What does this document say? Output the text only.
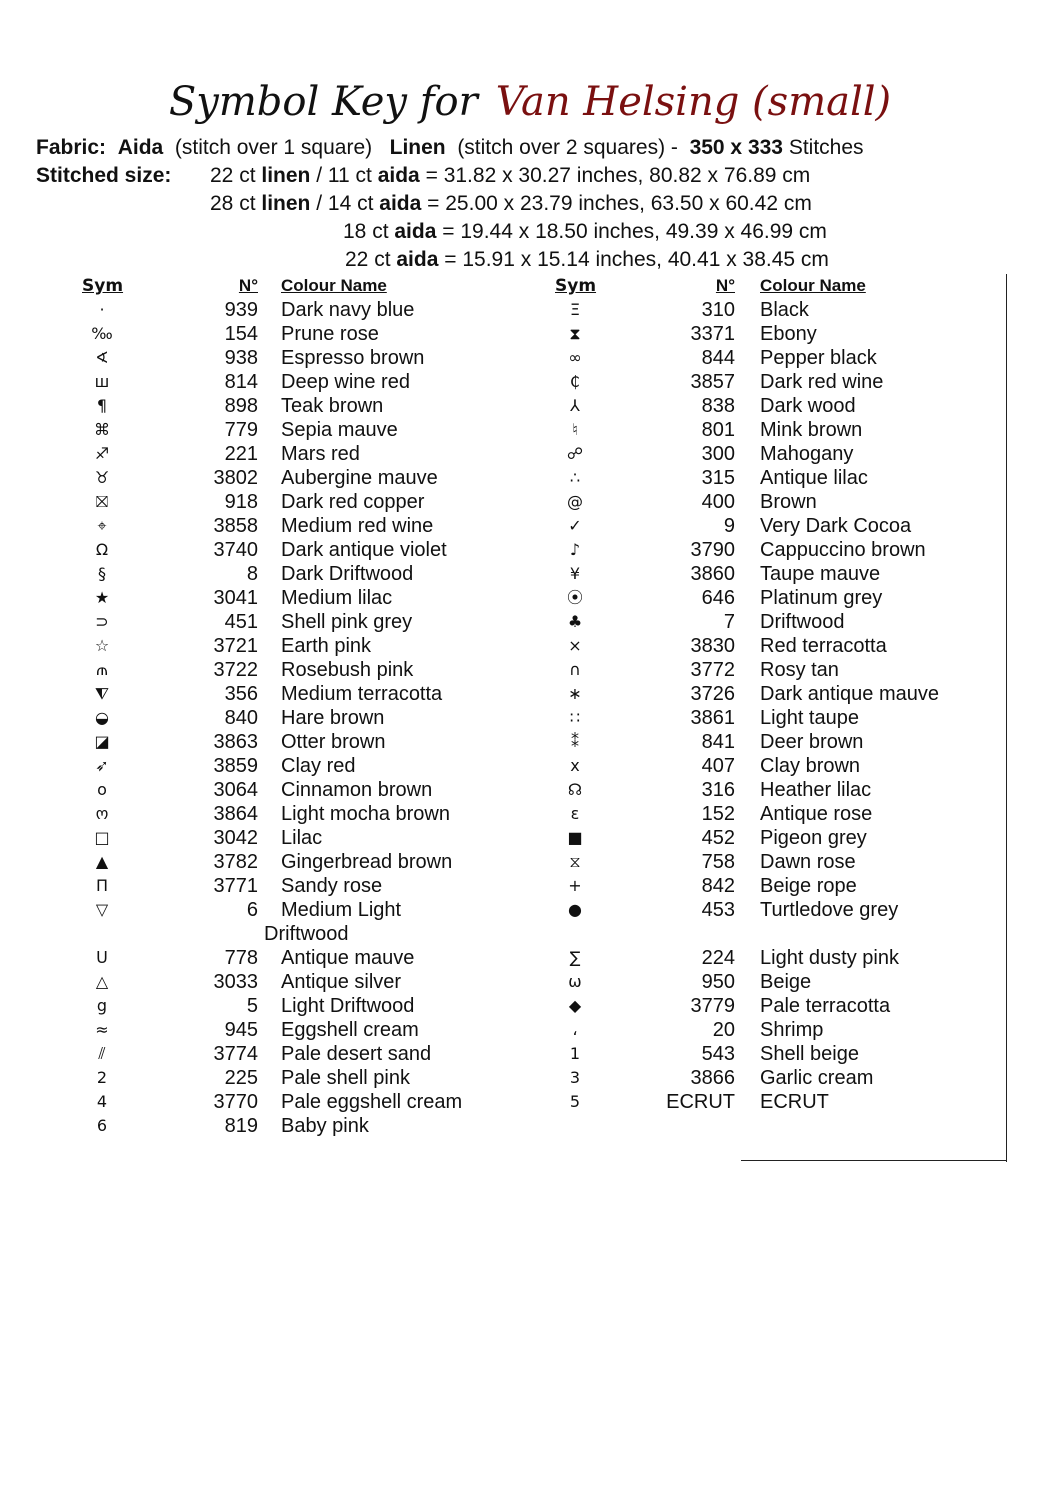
Symbol Key for Van Helsing (small)
Fabric: Aida (stitch over 1 square) Linen (stitch over 2 squares) - 350 x 333 Stitches
Stitched size: 22 ct linen / 11 ct aida = 31.82 x 30.27 inches, 80.82 x 76.89 cm
28 ct linen / 14 ct aida = 25.00 x 23.79 inches, 63.50 x 60.42 cm
18 ct aida = 19.44 x 18.50 inches, 49.39 x 46.99 cm
22 ct aida = 15.91 x 15.14 inches, 40.41 x 38.45 cm
Sym	N° Colour Name
·	939 Dark navy blue
‰	154 Prune rose
∢	938 Espresso brown
ш	814 Deep wine red
¶	898 Teak brown
⌘	779 Sepia mauve
♐	221 Mars red
♉	3802 Aubergine mauve
⛝	918 Dark red copper
⌖	3858 Medium red wine
Ω	3740 Dark antique violet
§	8 Dark Driftwood
★	3041 Medium lilac
⊃	451 Shell pink grey
☆	3721 Earth pink
⫙	3722 Rosebush pink
⧨	356 Medium terracotta
◒	840 Hare brown
◪	3863 Otter brown
➶	3859 Clay red
o	3064 Cinnamon brown
ო	3864 Light mocha brown
□	3042 Lilac
▲	3782 Gingerbread brown
Π	3771 Sandy rose
▽	6 Medium Light
Driftwood
ᑌ	778 Antique mauve
△	3033 Antique silver
g	5 Light Driftwood
≈	945 Eggshell cream
⫽	3774 Pale desert sand
2	225 Pale shell pink
4	3770 Pale eggshell cream
6	819 Baby pink
Sym	N° Colour Name
Ξ	310 Black
⧗	3371 Ebony
∞	844 Pepper black
₵	3857 Dark red wine
⅄	838 Dark wood
♮	801 Mink brown
☍	300 Mahogany
∴	315 Antique lilac
@	400 Brown
✓	9 Very Dark Cocoa
♪	3790 Cappuccino brown
¥	3860 Taupe mauve
⦿	646 Platinum grey
♣	7 Driftwood
⨯	3830 Red terracotta
∩	3772 Rosy tan
∗	3726 Dark antique mauve
∷	3861 Light taupe
⁑	841 Deer brown
x	407 Clay brown
☊	316 Heather lilac
ε	152 Antique rose
■	452 Pigeon grey
⧖	758 Dawn rose
+	842 Beige rope
●	453 Turtledove grey
∑	224 Light dusty pink
ω	950 Beige
◆	3779 Pale terracotta
،	20 Shrimp
1	543 Shell beige
3	3866 Garlic cream
5	ECRUT ECRUT
